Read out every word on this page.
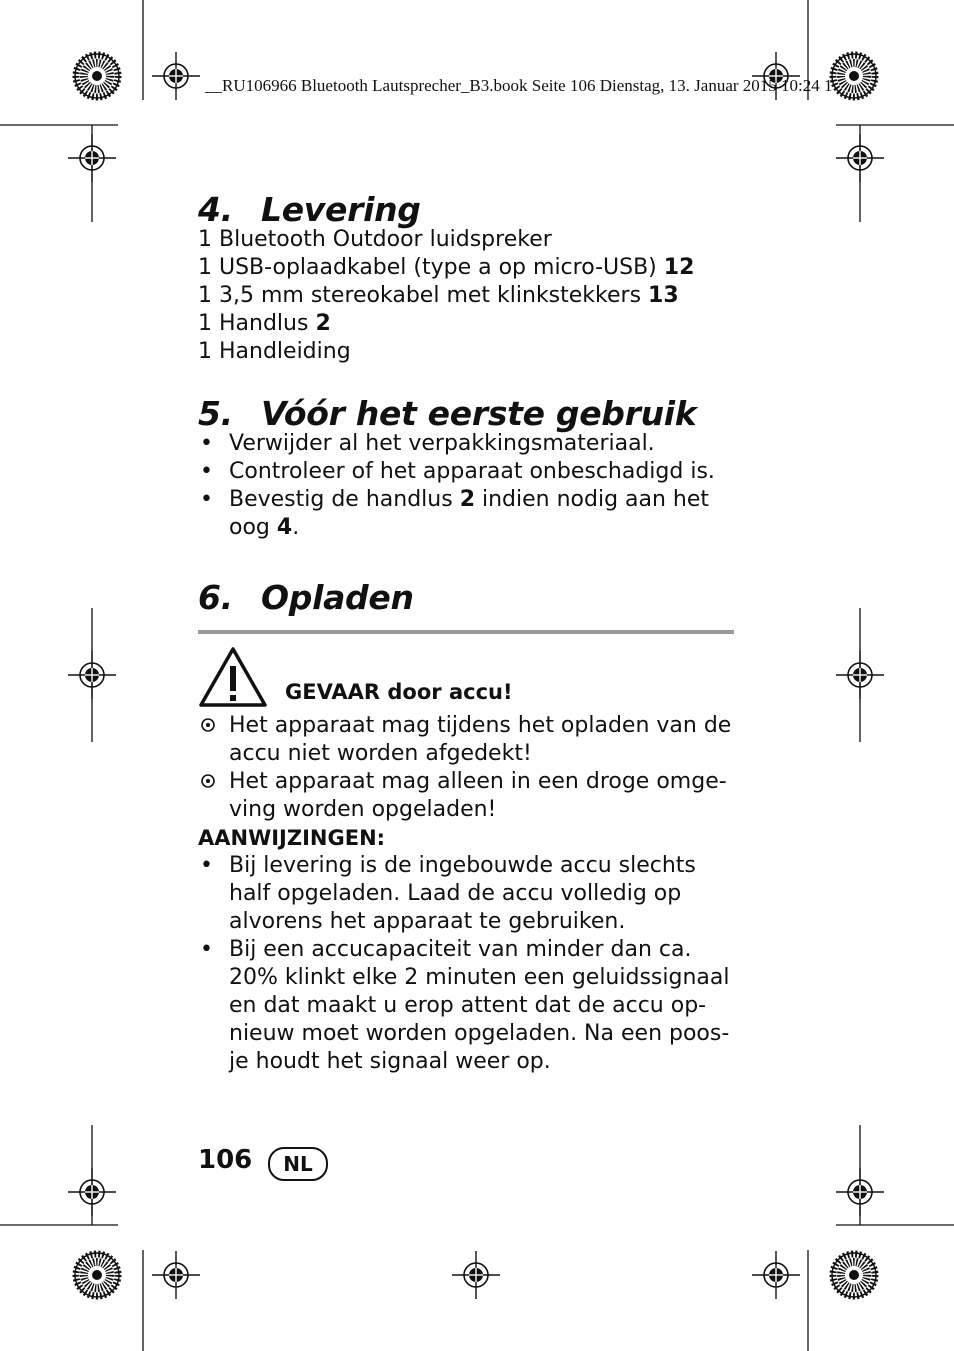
__RU106966 Bluetooth Lautsprecher_B3.book Seite 106 Dienstag, 13. Januar 2015 10:24 1
4. Levering

1 Bluetooth Outdoor luidspreker

1 USB-oplaadkabel (type a op micro-USB) 12

1 3,5 mm stereokabel met klinkstekkers 13

1 Handlus 2

1 Handleiding

5. Vóór het eerste gebruik
• Verwijder al het verpakkingsmateriaal.
• Controleer of het apparaat onbeschadigd is.
• Bevestig de handlus 2 indien nodig aan het oog 4.
6. Opladen
GEVAAR door accu!
Het apparaat mag tijdens het opladen van de accu niet worden afgedekt!
Het apparaat mag alleen in een droge omge-ving worden opgeladen!

AANWIJZINGEN:

• Bij levering is de ingebouwde accu slechts half opgeladen. Laad de accu volledig op alvorens het apparaat te gebruiken.
• Bij een accucapaciteit van minder dan ca. 20% klinkt elke 2 minuten een geluidssignaal en dat maakt u erop attent dat de accu op-nieuw moet worden opgeladen. Na een poos-je houdt het signaal weer op.
106	NL
